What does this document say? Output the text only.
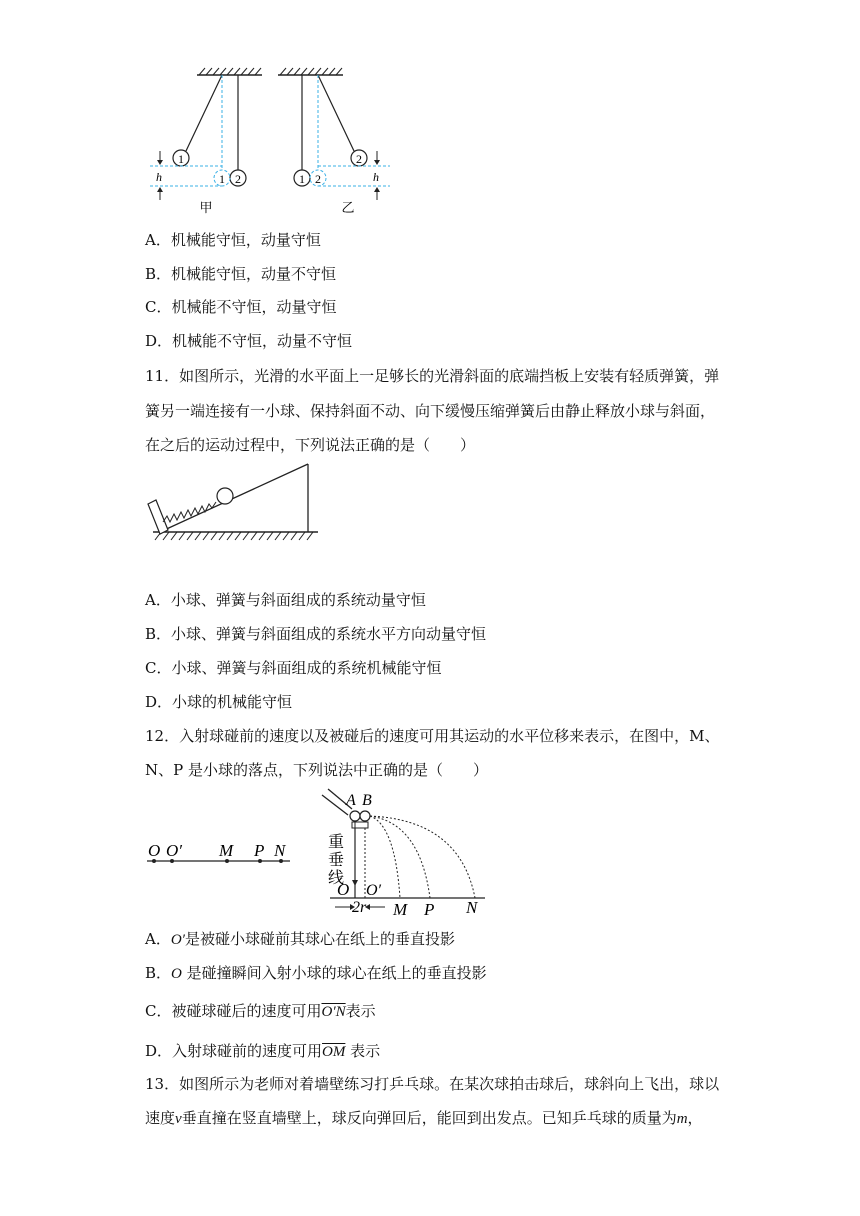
1
2
1
h
甲
1
2
2	h
乙
A．机械能守恒，动量守恒
B．机械能守恒，动量不守恒
C．机械能不守恒，动量守恒
D．机械能不守恒，动量不守恒
11．如图所示，光滑的水平面上一足够长的光滑斜面的底端挡板上安装有轻质弹簧，弹
簧另一端连接有一小球、保持斜面不动、向下缓慢压缩弹簧后由静止释放小球与斜面，
在之后的运动过程中，下列说法正确的是（　　）
A．小球、弹簧与斜面组成的系统动量守恒
B．小球、弹簧与斜面组成的系统水平方向动量守恒
C．小球、弹簧与斜面组成的系统机械能守恒
D．小球的机械能守恒
12．入射球碰前的速度以及被碰后的速度可用其运动的水平位移来表示，在图中，M、
N、P 是小球的落点，下列说法中正确的是（　　）
O O′ M P N
A B
重
垂
线
O O′
2r M P N
A．O′是被碰小球碰前其球心在纸上的垂直投影
B．O 是碰撞瞬间入射小球的球心在纸上的垂直投影
C．被碰球碰后的速度可用O′N表示
D．入射球碰前的速度可用$\overline{OM}$ 表示
13．如图所示为老师对着墙壁练习打乒乓球。在某次球拍击球后，球斜向上飞出，球以
速度v垂直撞在竖直墙壁上，球反向弹回后，能回到出发点。已知乒乓球的质量为m，
